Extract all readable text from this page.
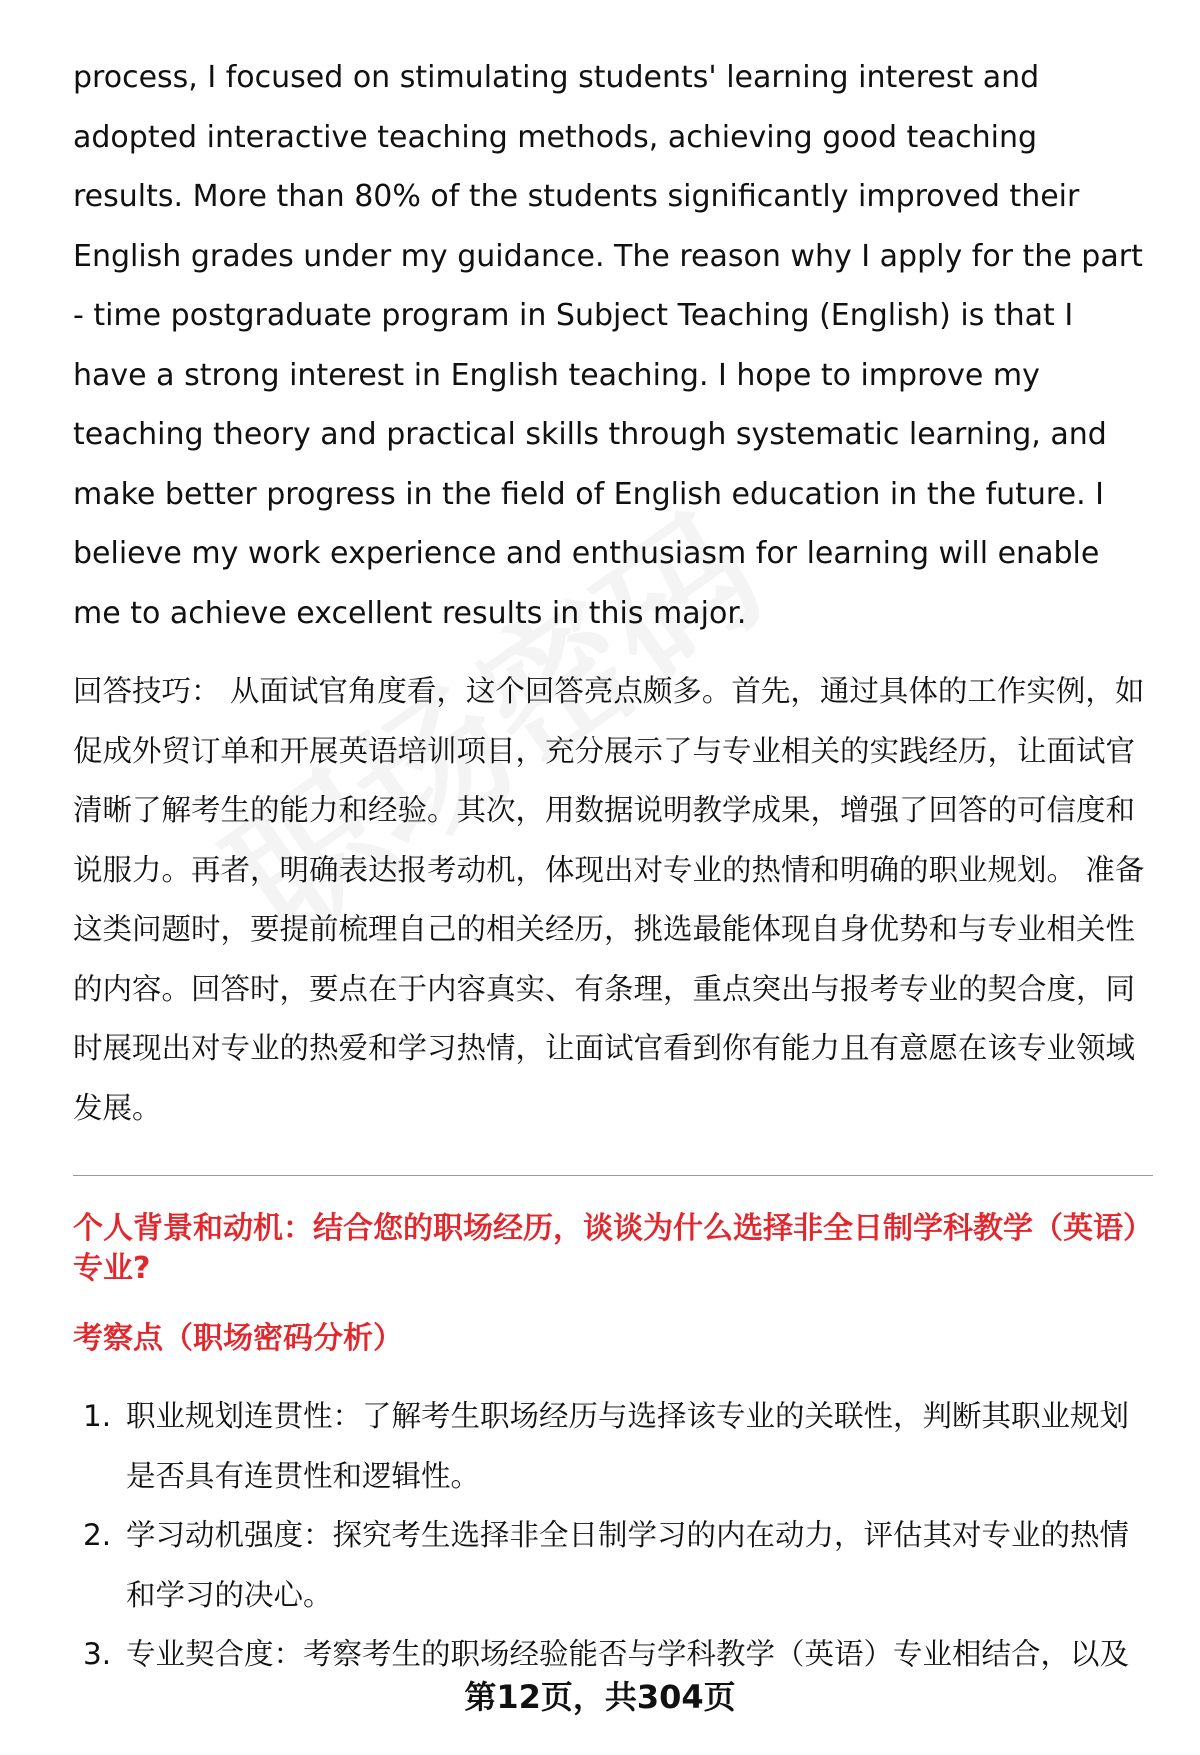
process, I focused on stimulating students' learning interest and adopted interactive teaching methods, achieving good teaching results. More than 80% of the students significantly improved their English grades under my guidance. The reason why I apply for the part - time postgraduate program in Subject Teaching (English) is that I have a strong interest in English teaching. I hope to improve my teaching theory and practical skills through systematic learning, and make better progress in the field of English education in the future. I believe my work experience and enthusiasm for learning will enable me to achieve excellent results in this major.

回答技巧： 从面试官角度看，这个回答亮点颇多。首先，通过具体的工作实例，如促成外贸订单和开展英语培训项目，充分展示了与专业相关的实践经历，让面试官清晰了解考生的能力和经验。其次，用数据说明教学成果，增强了回答的可信度和说服力。再者，明确表达报考动机，体现出对专业的热情和明确的职业规划。 准备这类问题时，要提前梳理自己的相关经历，挑选最能体现自身优势和与专业相关性的内容。回答时，要点在于内容真实、有条理，重点突出与报考专业的契合度，同时展现出对专业的热爱和学习热情，让面试官看到你有能力且有意愿在该专业领域发展。

个人背景和动机：结合您的职场经历，谈谈为什么选择非全日制学科教学（英语）专业?
考察点（职场密码分析）
1. 职业规划连贯性：了解考生职场经历与选择该专业的关联性，判断其职业规划是否具有连贯性和逻辑性。
2. 学习动机强度：探究考生选择非全日制学习的内在动力，评估其对专业的热情和学习的决心。
3. 专业契合度：考察考生的职场经验能否与学科教学（英语）专业相结合，以及
第12页，共304页
